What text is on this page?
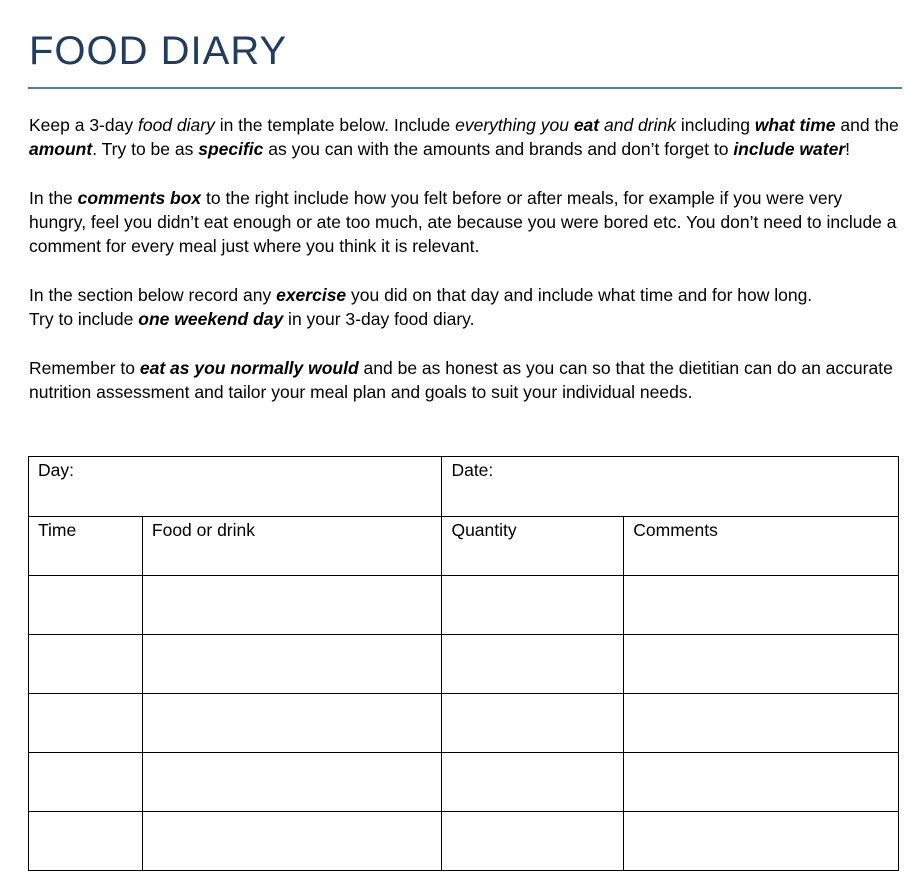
FOOD DIARY

Keep a 3-day food diary in the template below. Include everything you eat and drink including what time and the amount. Try to be as specific as you can with the amounts and brands and don’t forget to include water!

In the comments box to the right include how you felt before or after meals, for example if you were very hungry, feel you didn’t eat enough or ate too much, ate because you were bored etc. You don’t need to include a comment for every meal just where you think it is relevant.

In the section below record any exercise you did on that day and include what time and for how long.
Try to include one weekend day in your 3-day food diary.

Remember to eat as you normally would and be as honest as you can so that the dietitian can do an accurate nutrition assessment and tailor your meal plan and goals to suit your individual needs.

Day:		Date:	
Time	Food or drink	Quantity	Comments
